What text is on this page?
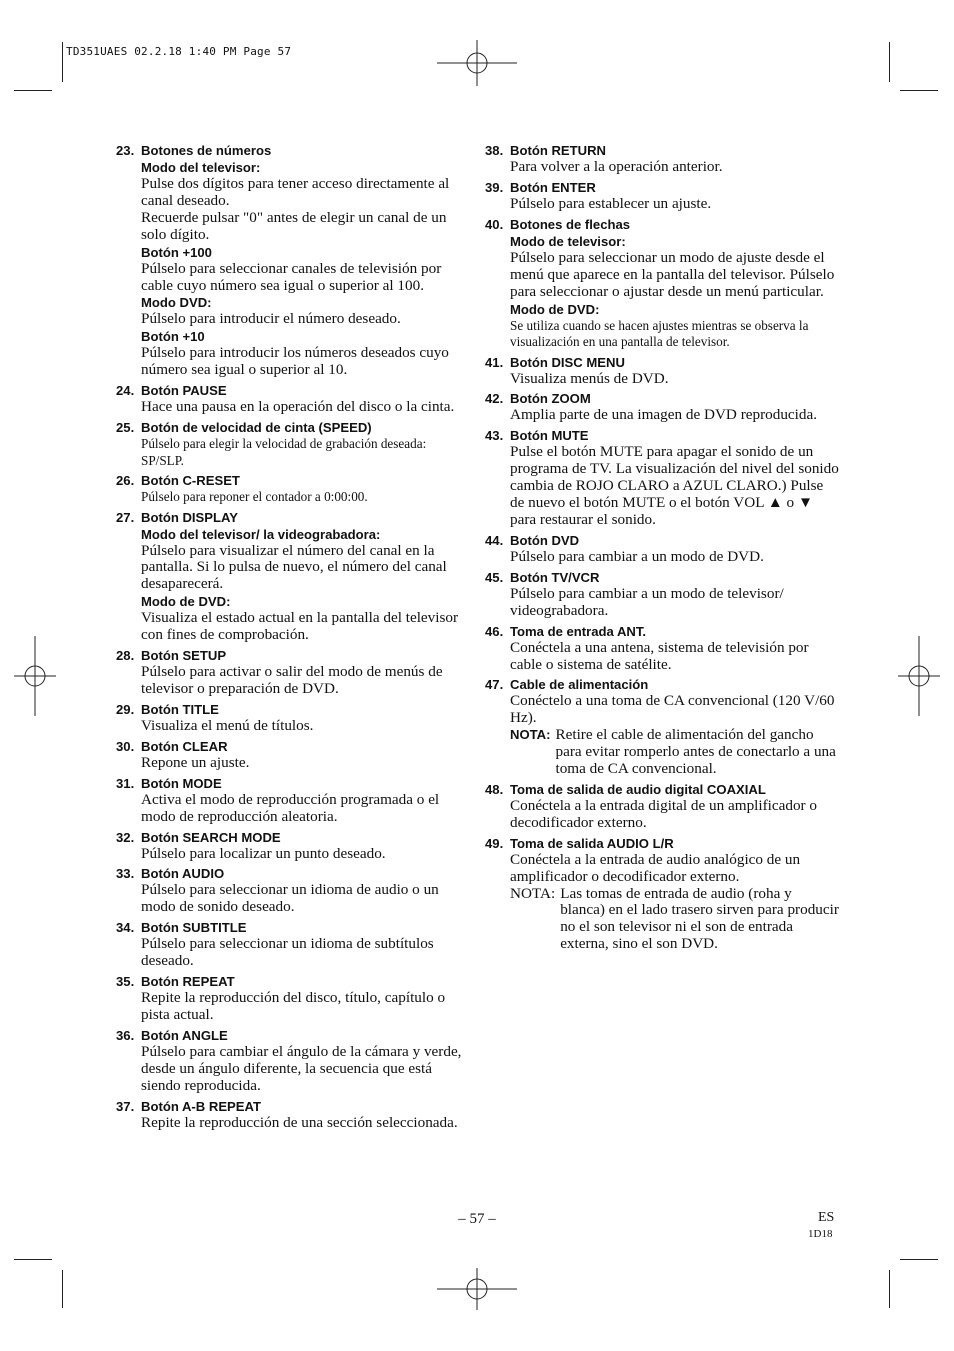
TD351UAES 02.2.18 1:40 PM Page 57
23. Botones de números
Modo del televisor:
Pulse dos dígitos para tener acceso directamente al canal deseado.
Recuerde pulsar "0" antes de elegir un canal de un solo dígito.
Botón +100
Púlselo para seleccionar canales de televisión por cable cuyo número sea igual o superior al 100.
Modo DVD:
Púlselo para introducir el número deseado.
Botón +10
Púlselo para introducir los números deseados cuyo número sea igual o superior al 10.
24. Botón PAUSE
Hace una pausa en la operación del disco o la cinta.
25. Botón de velocidad de cinta (SPEED)
Púlselo para elegir la velocidad de grabación deseada: SP/SLP.
26. Botón C-RESET
Púlselo para reponer el contador a 0:00:00.
27. Botón DISPLAY
Modo del televisor/ la videograbadora:
Púlselo para visualizar el número del canal en la pantalla. Si lo pulsa de nuevo, el número del canal desaparecerá.
Modo de DVD:
Visualiza el estado actual en la pantalla del televisor con fines de comprobación.
28. Botón SETUP
Púlselo para activar o salir del modo de menús de televisor o preparación de DVD.
29. Botón TITLE
Visualiza el menú de títulos.
30. Botón CLEAR
Repone un ajuste.
31. Botón MODE
Activa el modo de reproducción programada o el modo de reproducción aleatoria.
32. Botón SEARCH MODE
Púlselo para localizar un punto deseado.
33. Botón AUDIO
Púlselo para seleccionar un idioma de audio o un modo de sonido deseado.
34. Botón SUBTITLE
Púlselo para seleccionar un idioma de subtítulos deseado.
35. Botón REPEAT
Repite la reproducción del disco, título, capítulo o pista actual.
36. Botón ANGLE
Púlselo para cambiar el ángulo de la cámara y verde, desde un ángulo diferente, la secuencia que está siendo reproducida.
37. Botón A-B REPEAT
Repite la reproducción de una sección seleccionada.
38. Botón RETURN
Para volver a la operación anterior.
39. Botón ENTER
Púlselo para establecer un ajuste.
40. Botones de flechas
Modo de televisor:
Púlselo para seleccionar un modo de ajuste desde el menú que aparece en la pantalla del televisor. Púlselo para seleccionar o ajustar desde un menú particular.
Modo de DVD:
Se utiliza cuando se hacen ajustes mientras se observa la visualización en una pantalla de televisor.
41. Botón DISC MENU
Visualiza menús de DVD.
42. Botón ZOOM
Amplia parte de una imagen de DVD reproducida.
43. Botón MUTE
Pulse el botón MUTE para apagar el sonido de un programa de TV. La visualización del nivel del sonido cambia de ROJO CLARO a AZUL CLARO.) Pulse de nuevo el botón MUTE o el botón VOL ▲ o ▼ para restaurar el sonido.
44. Botón DVD
Púlselo para cambiar a un modo de DVD.
45. Botón TV/VCR
Púlselo para cambiar a un modo de televisor/ videograbadora.
46. Toma de entrada ANT.
Conéctela a una antena, sistema de televisión por cable o sistema de satélite.
47. Cable de alimentación
Conéctelo a una toma de CA convencional (120 V/60 Hz).
NOTA: Retire el cable de alimentación del gancho para evitar romperlo antes de conectarlo a una toma de CA convencional.
48. Toma de salida de audio digital COAXIAL
Conéctela a la entrada digital de un amplificador o decodificador externo.
49. Toma de salida AUDIO L/R
Conéctela a la entrada de audio analógico de un amplificador o decodificador externo.
NOTA: Las tomas de entrada de audio (roha y blanca) en el lado trasero sirven para producir no el son televisor ni el son de entrada externa, sino el son DVD.
– 57 –	ES
1D18
